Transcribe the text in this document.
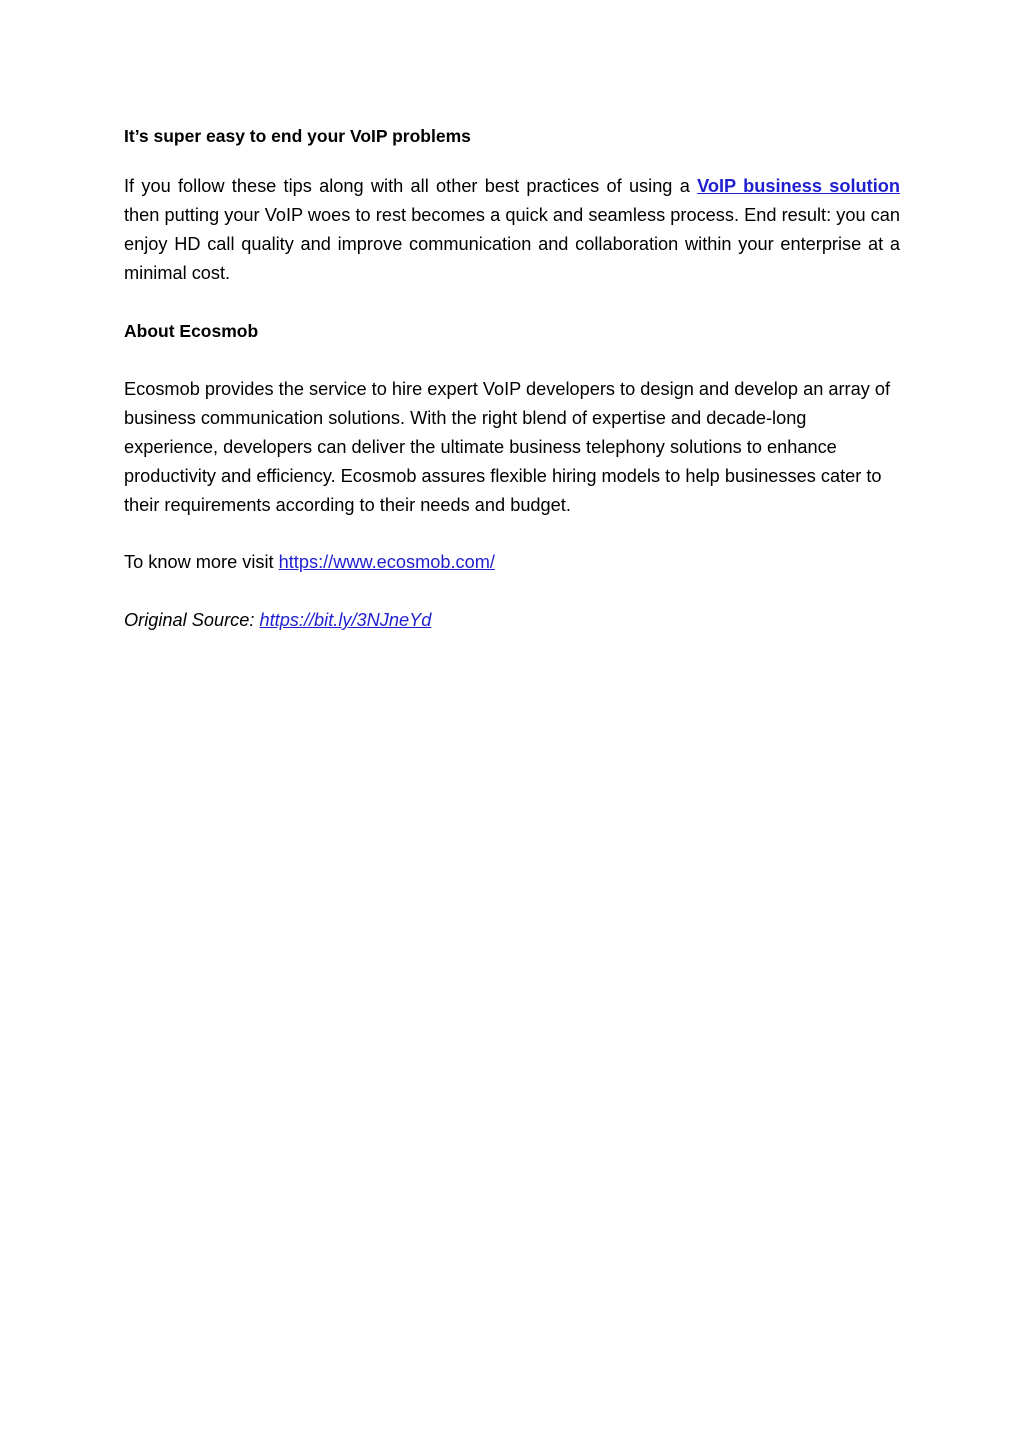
It’s super easy to end your VoIP problems
If you follow these tips along with all other best practices of using a VoIP business solution then putting your VoIP woes to rest becomes a quick and seamless process. End result: you can enjoy HD call quality and improve communication and collaboration within your enterprise at a minimal cost.
About Ecosmob
Ecosmob provides the service to hire expert VoIP developers to design and develop an array of business communication solutions. With the right blend of expertise and decade-long experience, developers can deliver the ultimate business telephony solutions to enhance productivity and efficiency. Ecosmob assures flexible hiring models to help businesses cater to their requirements according to their needs and budget.
To know more visit https://www.ecosmob.com/
Original Source: https://bit.ly/3NJneYd
